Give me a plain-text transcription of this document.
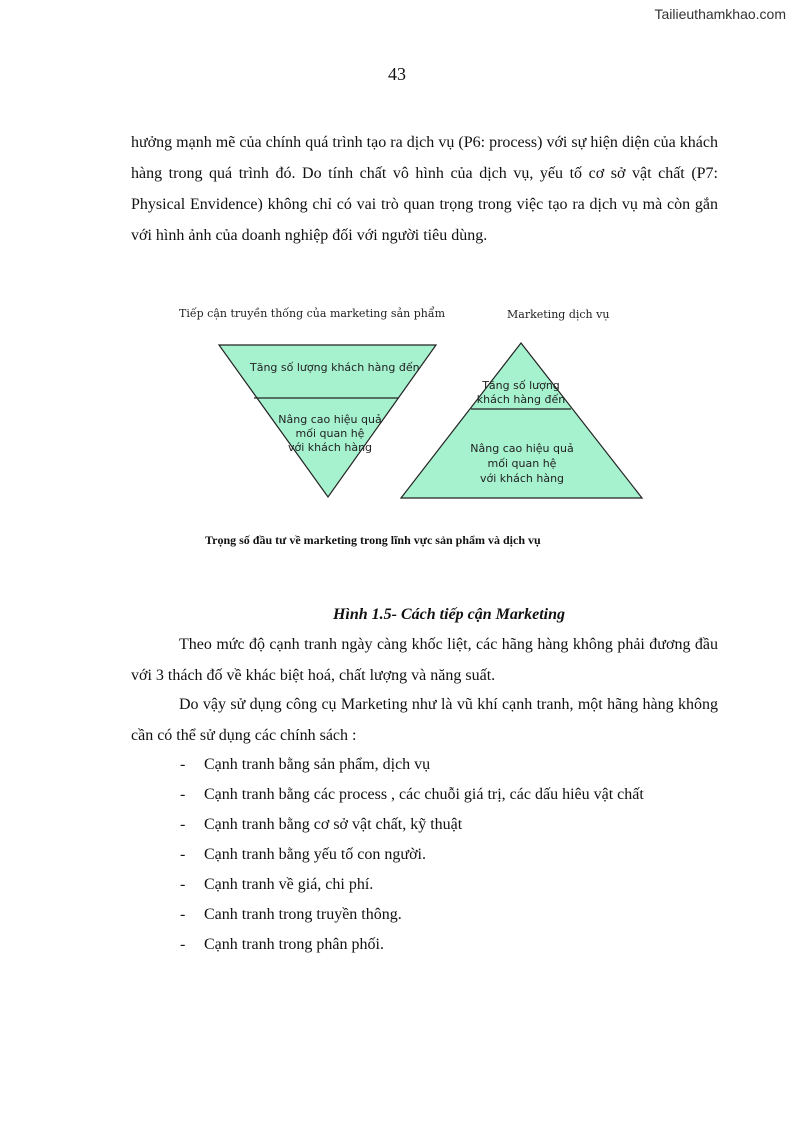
Tailieuthamkhao.com
43

hưởng mạnh mẽ của chính quá trình tạo ra dịch vụ (P6: process) với sự hiện diện của khách hàng trong quá trình đó. Do tính chất vô hình của dịch vụ, yếu tố cơ sở vật chất (P7: Physical Envidence) không chỉ có vai trò quan trọng trong việc tạo ra dịch vụ mà còn gắn với hình ảnh của doanh nghiệp đối với người tiêu dùng.

Tiếp cận truyền thống của marketing sản phẩm	Marketing dịch vụ
Tăng số lượng khách hàng đến
Nâng cao hiệu quả
mối quan hệ
với khách hàng
Tăng số lượng
khách hàng đến
Nâng cao hiệu quả
mối quan hệ
với khách hàng
Trọng số đầu tư về marketing trong lĩnh vực sản phẩm và dịch vụ
Hình 1.5- Cách tiếp cận Marketing

Theo mức độ cạnh tranh ngày càng khốc liệt, các hãng hàng không phải đương đầu với 3 thách đố về khác biệt hoá, chất lượng và năng suất.

Do vậy sử dụng công cụ Marketing như là vũ khí cạnh tranh, một hãng hàng không cần có thể sử dụng các chính sách :

- Cạnh tranh bằng sản phẩm, dịch vụ
- Cạnh tranh bằng các process , các chuỗi giá trị, các dấu hiêu vật chất
- Cạnh tranh bằng cơ sở vật chất, kỹ thuật
- Cạnh tranh bằng yếu tố con người.
- Cạnh tranh về giá, chi phí.
- Canh tranh trong truyền thông.
- Cạnh tranh trong phân phối.
